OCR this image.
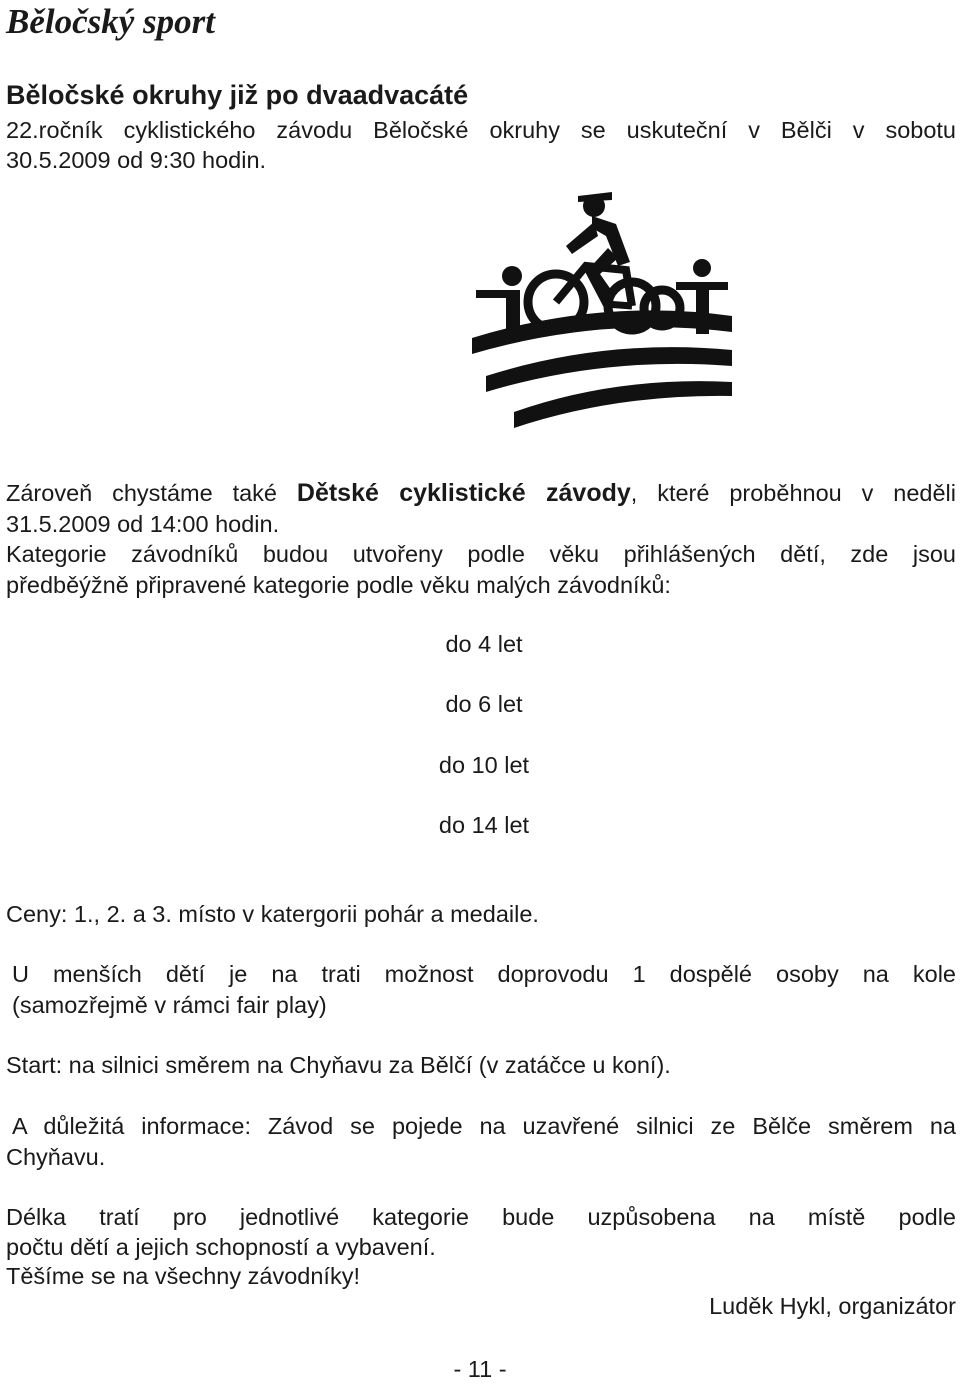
Běločský sport
Běločské okruhy již po dvaadvacáté
22.ročník cyklistického závodu Běločské okruhy se uskuteční v Bělči v sobotu
30.5.2009 od 9:30 hodin.
Zároveň chystáme také Dětské cyklistické závody, které proběhnou v neděli
31.5.2009 od 14:00 hodin.
Kategorie závodníků budou utvořeny podle věku přihlášených dětí, zde jsou
předběýžně připravené kategorie podle věku malých závodníků:
do 4 let
do 6 let
do 10 let
do 14 let
Ceny: 1., 2. a 3. místo v katergorii pohár a medaile.
U menších dětí je na trati možnost doprovodu 1 dospělé osoby na kole
(samozřejmě v rámci fair play)
Start: na silnici směrem na Chyňavu za Bělčí (v zatáčce u koní).
A důležitá informace: Závod se pojede na uzavřené silnici ze Bělče směrem na
Chyňavu.
Délka tratí pro jednotlivé kategorie bude uzpůsobena na místě podle
počtu dětí a jejich schopností a vybavení.
Těšíme se na všechny závodníky!
Luděk Hykl, organizátor
- 11 -
